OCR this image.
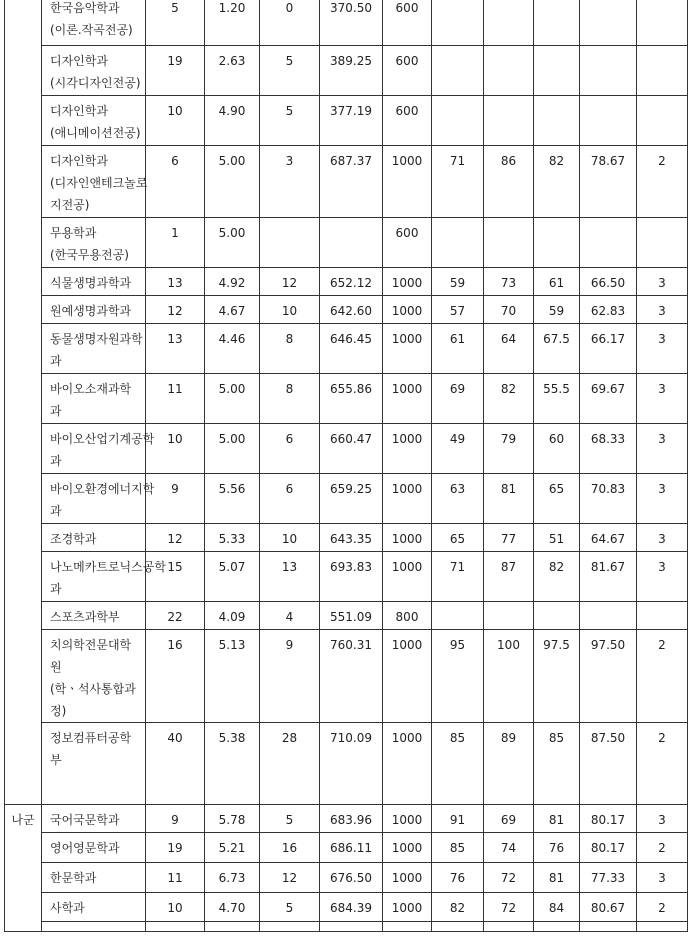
	한국음악학과
(이론.작곡전공)	5	1.20	0	370.50	600					

	디자인학과
(시각디자인전공)	19	2.63	5	389.25	600					

	디자인학과
(애니메이션전공)	10	4.90	5	377.19	600					

	디자인학과
(디자인앤테크놀로
지전공)	6	5.00	3	687.37	1000	71	86	82	78.67	2

	무용학과
(한국무용전공)	1	5.00			600					

	식물생명과학과	13	4.92	12	652.12	1000	59	73	61	66.50	3

	원예생명과학과	12	4.67	10	642.60	1000	57	70	59	62.83	3

	동물생명자원과학
과	13	4.46	8	646.45	1000	61	64	67.5	66.17	3

	바이오소재과학
과	11	5.00	8	655.86	1000	69	82	55.5	69.67	3

	바이오산업기계공학
과	10	5.00	6	660.47	1000	49	79	60	68.33	3

	바이오환경에너지학
과	9	5.56	6	659.25	1000	63	81	65	70.83	3

	조경학과	12	5.33	10	643.35	1000	65	77	51	64.67	3

	나노메카트로닉스공학
과	15	5.07	13	693.83	1000	71	87	82	81.67	3

	스포츠과학부	22	4.09	4	551.09	800					

	치의학전문대학
원
(학ㆍ석사통합과
정)	16	5.13	9	760.31	1000	95	100	97.5	97.50	2

	정보컴퓨터공학
부	40	5.38	28	710.09	1000	85	89	85	87.50	2
나군	국어국문학과	9	5.78	5	683.96	1000	91	69	81	80.17	3

	영어영문학과	19	5.21	16	686.11	1000	85	74	76	80.17	2

	한문학과	11	6.73	12	676.50	1000	76	72	81	77.33	3

	사학과	10	4.70	5	684.39	1000	82	72	84	80.67	2
